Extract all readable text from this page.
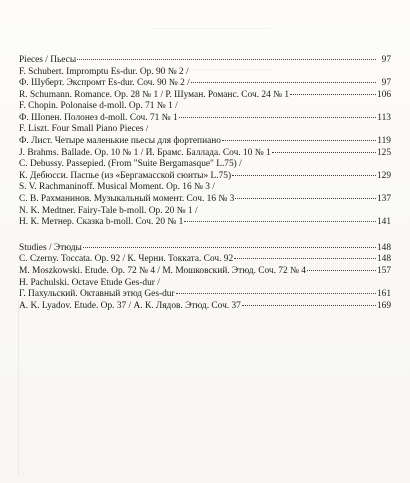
Pieces / Пьесы	97
F. Schubert. Impromptu Es-dur. Op. 90 № 2 /
Ф. Шуберт. Экспромт Es-dur. Соч. 90 № 2 /	97
R. Schumann. Romance. Op. 28 № 1 / Р. Шуман. Романс. Соч. 24 № 1	106
F. Chopin. Polonaise d-moll. Op. 71 № 1 /
Ф. Шопен. Полонез d-moll. Соч. 71 № 1	113
F. Liszt. Four Small Piano Pieces /
Ф. Лист. Четыре маленькие пьесы для фортепиано	119
J. Brahms. Ballade. Op. 10 № 1 / Й. Брамс. Баллада. Соч. 10 № 1	125
C. Debussy. Passepied. (From "Suite Bergamasque" L.75) /
К. Дебюсси. Паспье (из «Бергамасской сюиты» L.75)	129
S. V. Rachmaninoff. Musical Moment. Op. 16 № 3 /
С. В. Рахманинов. Музыкальный момент. Соч. 16 № 3	137
N. K. Medtner. Fairy-Tale b-moll. Op. 20 № 1 /
Н. К. Метнер. Сказка b-moll. Соч. 20 № 1	141
Studies / Этюды	148
C. Czerny. Toccata. Op. 92 / К. Черни. Токката. Соч. 92	148
M. Moszkowski. Etude. Op. 72 № 4 / М. Мошковский. Этюд. Соч. 72 № 4	157
H. Pachulski. Octave Etude Ges-dur /
Г. Пахульский. Октавный этюд Ges-dur	161
A. K. Lyadov. Etude. Op. 37 / А. К. Лядов. Этюд. Соч. 37	169
